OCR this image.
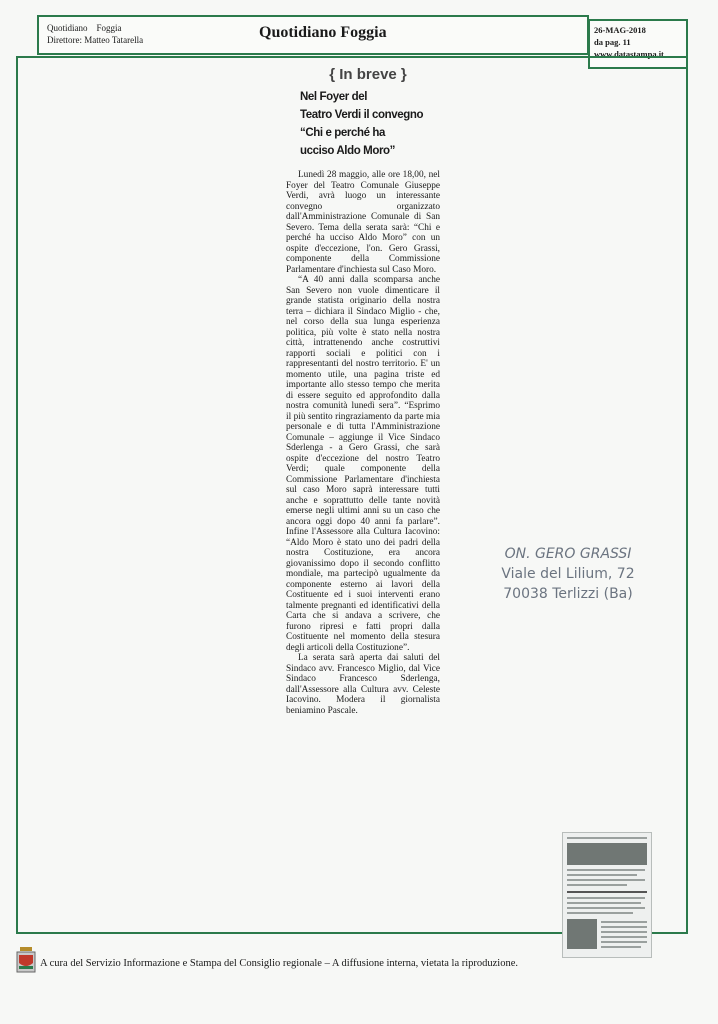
Quotidiano Foggia
Direttore: Matteo Tatarella	Quotidiano Foggia	26-MAG-2018
da pag. 11
www.datastampa.it
{ In breve }
Nel Foyer del
Teatro Verdi il convegno
“Chi e perché ha
ucciso Aldo Moro”

Lunedì 28 maggio, alle ore 18,00, nel Foyer del Teatro Comunale Giuseppe Verdi, avrà luogo un interessante convegno organizzato dall'Amministrazione Comunale di San Severo. Tema della serata sarà: “Chi e perché ha ucciso Aldo Moro” con un ospite d'eccezione, l'on. Gero Grassi, componente della Commissione Parlamentare d'inchiesta sul Caso Moro.

“A 40 anni dalla scomparsa anche San Severo non vuole dimenticare il grande statista originario della nostra terra – dichiara il Sindaco Miglio - che, nel corso della sua lunga esperienza politica, più volte è stato nella nostra città, intrattenendo anche costruttivi rapporti sociali e politici con i rappresentanti del nostro territorio. E' un momento utile, una pagina triste ed importante allo stesso tempo che merita di essere seguito ed approfondito dalla nostra comunità lunedì sera”. “Esprimo il più sentito ringraziamento da parte mia personale e di tutta l'Amministrazione Comunale – aggiunge il Vice Sindaco Sderlenga - a Gero Grassi, che sarà ospite d'eccezione del nostro Teatro Verdi; quale componente della Commissione Parlamentare d'inchiesta sul caso Moro saprà interessare tutti anche e soprattutto delle tante novità emerse negli ultimi anni su un caso che ancora oggi dopo 40 anni fa parlare”. Infine l'Assessore alla Cultura Iacovino: “Aldo Moro è stato uno dei padri della nostra Costituzione, era ancora giovanissimo dopo il secondo conflitto mondiale, ma partecipò ugualmente da componente esterno ai lavori della Costituente ed i suoi interventi erano talmente pregnanti ed identificativi della Carta che si andava a scrivere, che furono ripresi e fatti propri dalla Costituente nel momento della stesura degli articoli della Costituzione”.

La serata sarà aperta dai saluti del Sindaco avv. Francesco Miglio, dal Vice Sindaco Francesco Sderlenga, dall'Assessore alla Cultura avv. Celeste Iacovino. Modera il giornalista beniamino Pascale.

ON. GERO GRASSI
Viale del Lilium, 72
70038 Terlizzi (Ba)
A cura del Servizio Informazione e Stampa del Consiglio regionale – A diffusione interna, vietata la riproduzione.
